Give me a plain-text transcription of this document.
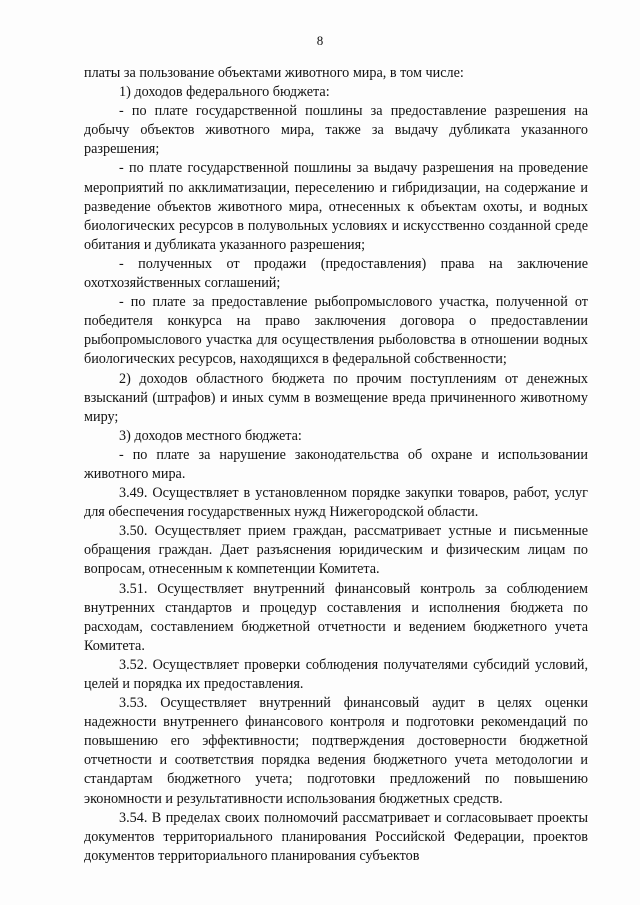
8

платы за пользование объектами животного мира, в том числе:

1) доходов федерального бюджета:

- по плате государственной пошлины за предоставление разрешения на добычу объектов животного мира, также за выдачу дубликата указанного разрешения;

- по плате государственной пошлины за выдачу разрешения на проведение мероприятий по акклиматизации, переселению и гибридизации, на содержание и разведение объектов животного мира, отнесенных к объектам охоты, и водных биологических ресурсов в полувольных условиях и искусственно созданной среде обитания и дубликата указанного разрешения;

- полученных от продажи (предоставления) права на заключение охотхозяйственных соглашений;

- по плате за предоставление рыбопромыслового участка, полученной от победителя конкурса на право заключения договора о предоставлении рыбопромыслового участка для осуществления рыболовства в отношении водных биологических ресурсов, находящихся в федеральной собственности;

2) доходов областного бюджета по прочим поступлениям от денежных взысканий (штрафов) и иных сумм в возмещение вреда причиненного животному миру;

3) доходов местного бюджета:

- по плате за нарушение законодательства об охране и использовании животного мира.

3.49. Осуществляет в установленном порядке закупки товаров, работ, услуг для обеспечения государственных нужд Нижегородской области.

3.50. Осуществляет прием граждан, рассматривает устные и письменные обращения граждан. Дает разъяснения юридическим и физическим лицам по вопросам, отнесенным к компетенции Комитета.

3.51. Осуществляет внутренний финансовый контроль за соблюдением внутренних стандартов и процедур составления и исполнения бюджета по расходам, составлением бюджетной отчетности и ведением бюджетного учета Комитета.

3.52. Осуществляет проверки соблюдения получателями субсидий условий, целей и порядка их предоставления.

3.53. Осуществляет внутренний финансовый аудит в целях оценки надежности внутреннего финансового контроля и подготовки рекомендаций по повышению его эффективности; подтверждения достоверности бюджетной отчетности и соответствия порядка ведения бюджетного учета методологии и стандартам бюджетного учета; подготовки предложений по повышению экономности и результативности использования бюджетных средств.

3.54. В пределах своих полномочий рассматривает и согласовывает проекты документов территориального планирования Российской Федерации, проектов документов территориального планирования субъектов
